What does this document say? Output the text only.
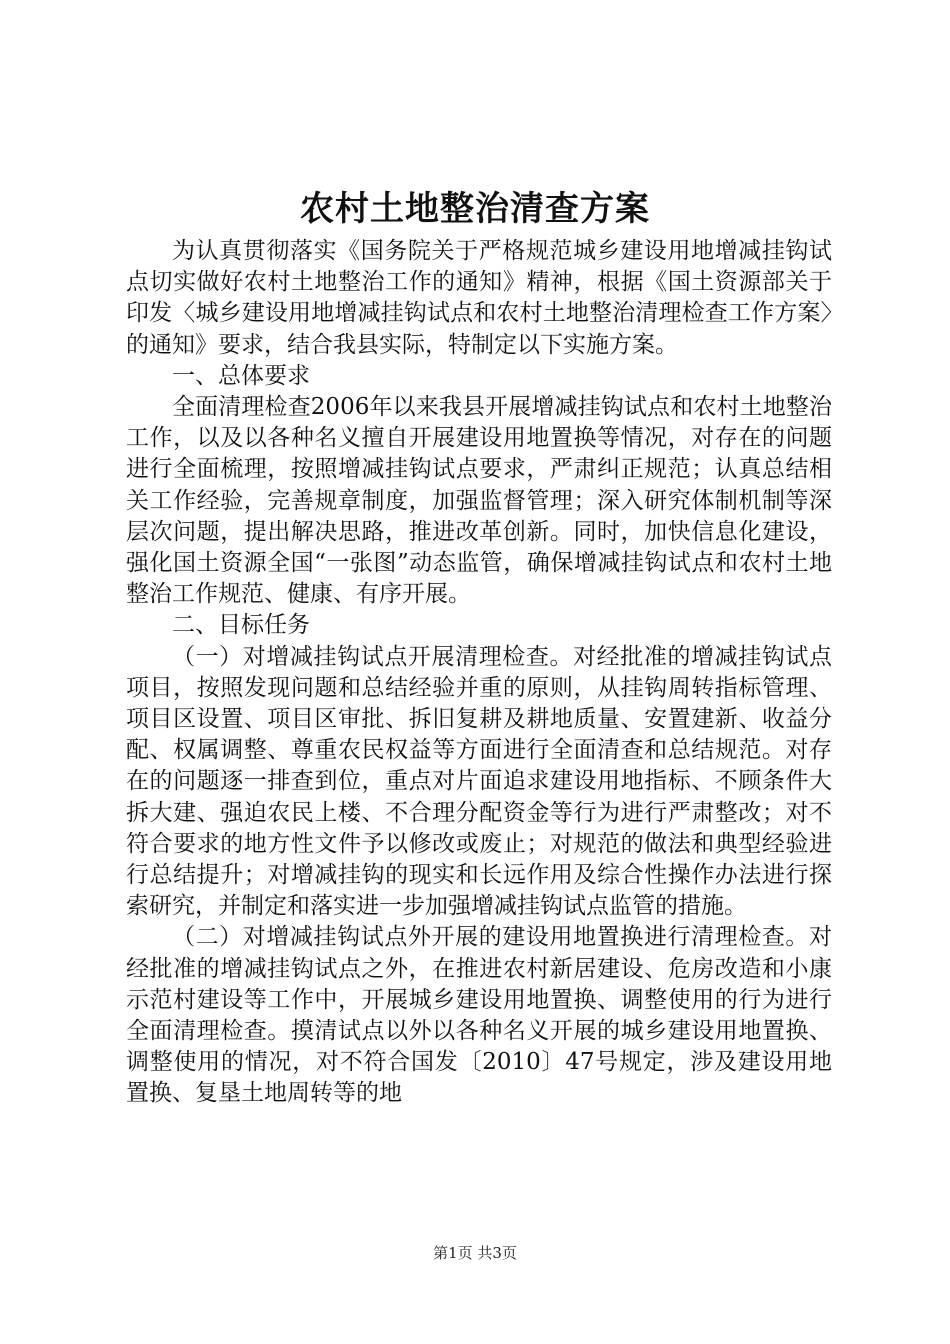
农村土地整治清查方案

为认真贯彻落实《国务院关于严格规范城乡建设用地增减挂钩试点切实做好农村土地整治工作的通知》精神，根据《国土资源部关于印发〈城乡建设用地增减挂钩试点和农村土地整治清理检查工作方案〉的通知》要求，结合我县实际，特制定以下实施方案。

一、总体要求

全面清理检查2006年以来我县开展增减挂钩试点和农村土地整治工作，以及以各种名义擅自开展建设用地置换等情况，对存在的问题进行全面梳理，按照增减挂钩试点要求，严肃纠正规范；认真总结相关工作经验，完善规章制度，加强监督管理；深入研究体制机制等深层次问题，提出解决思路，推进改革创新。同时，加快信息化建设，强化国土资源全国“一张图”动态监管，确保增减挂钩试点和农村土地整治工作规范、健康、有序开展。

二、目标任务

（一）对增减挂钩试点开展清理检查。对经批准的增减挂钩试点项目，按照发现问题和总结经验并重的原则，从挂钩周转指标管理、项目区设置、项目区审批、拆旧复耕及耕地质量、安置建新、收益分配、权属调整、尊重农民权益等方面进行全面清查和总结规范。对存在的问题逐一排查到位，重点对片面追求建设用地指标、不顾条件大拆大建、强迫农民上楼、不合理分配资金等行为进行严肃整改；对不符合要求的地方性文件予以修改或废止；对规范的做法和典型经验进行总结提升；对增减挂钩的现实和长远作用及综合性操作办法进行探索研究，并制定和落实进一步加强增减挂钩试点监管的措施。

（二）对增减挂钩试点外开展的建设用地置换进行清理检查。对经批准的增减挂钩试点之外，在推进农村新居建设、危房改造和小康示范村建设等工作中，开展城乡建设用地置换、调整使用的行为进行全面清理检查。摸清试点以外以各种名义开展的城乡建设用地置换、调整使用的情况，对不符合国发〔2010〕47号规定，涉及建设用地置换、复垦土地周转等的地

第1页 共3页
